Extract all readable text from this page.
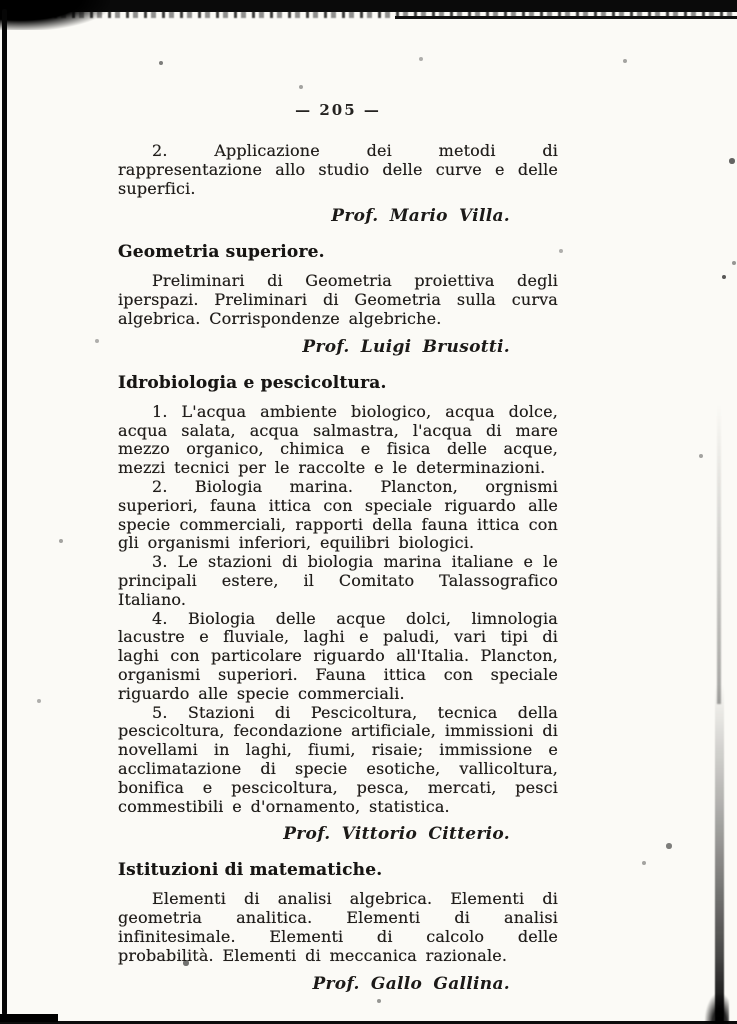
— 205 —

2. Applicazione dei metodi di rappresentazione allo studio delle curve e delle superfici.

Prof. Mario Villa.
Geometria superiore.

Preliminari di Geometria proiettiva degli iperspazi. Preliminari di Geometria sulla curva algebrica. Corrispondenze algebriche.

Prof. Luigi Brusotti.
Idrobiologia e pescicoltura.

1. L'acqua ambiente biologico, acqua dolce, acqua salata, acqua salmastra, l'acqua di mare mezzo organico, chimica e fisica delle acque, mezzi tecnici per le raccolte e le determinazioni.

2. Biologia marina. Plancton, orgnismi superiori, fauna ittica con speciale riguardo alle specie commerciali, rapporti della fauna ittica con gli organismi inferiori, equilibri biologici.

3. Le stazioni di biologia marina italiane e le principali estere, il Comitato Talassografico Italiano.

4. Biologia delle acque dolci, limnologia lacustre e fluviale, laghi e paludi, vari tipi di laghi con particolare riguardo all'Italia. Plancton, organismi superiori. Fauna ittica con speciale riguardo alle specie commerciali.

5. Stazioni di Pescicoltura, tecnica della pescicoltura, fecondazione artificiale, immissioni di novellami in laghi, fiumi, risaie; immissione e acclimatazione di specie esotiche, vallicoltura, bonifica e pescicoltura, pesca, mercati, pesci commestibili e d'ornamento, statistica.

Prof. Vittorio Citterio.
Istituzioni di matematiche.

Elementi di analisi algebrica. Elementi di geometria analitica. Elementi di analisi infinitesimale. Elementi di calcolo delle probabilità. Elementi di meccanica razionale.

Prof. Gallo Gallina.
